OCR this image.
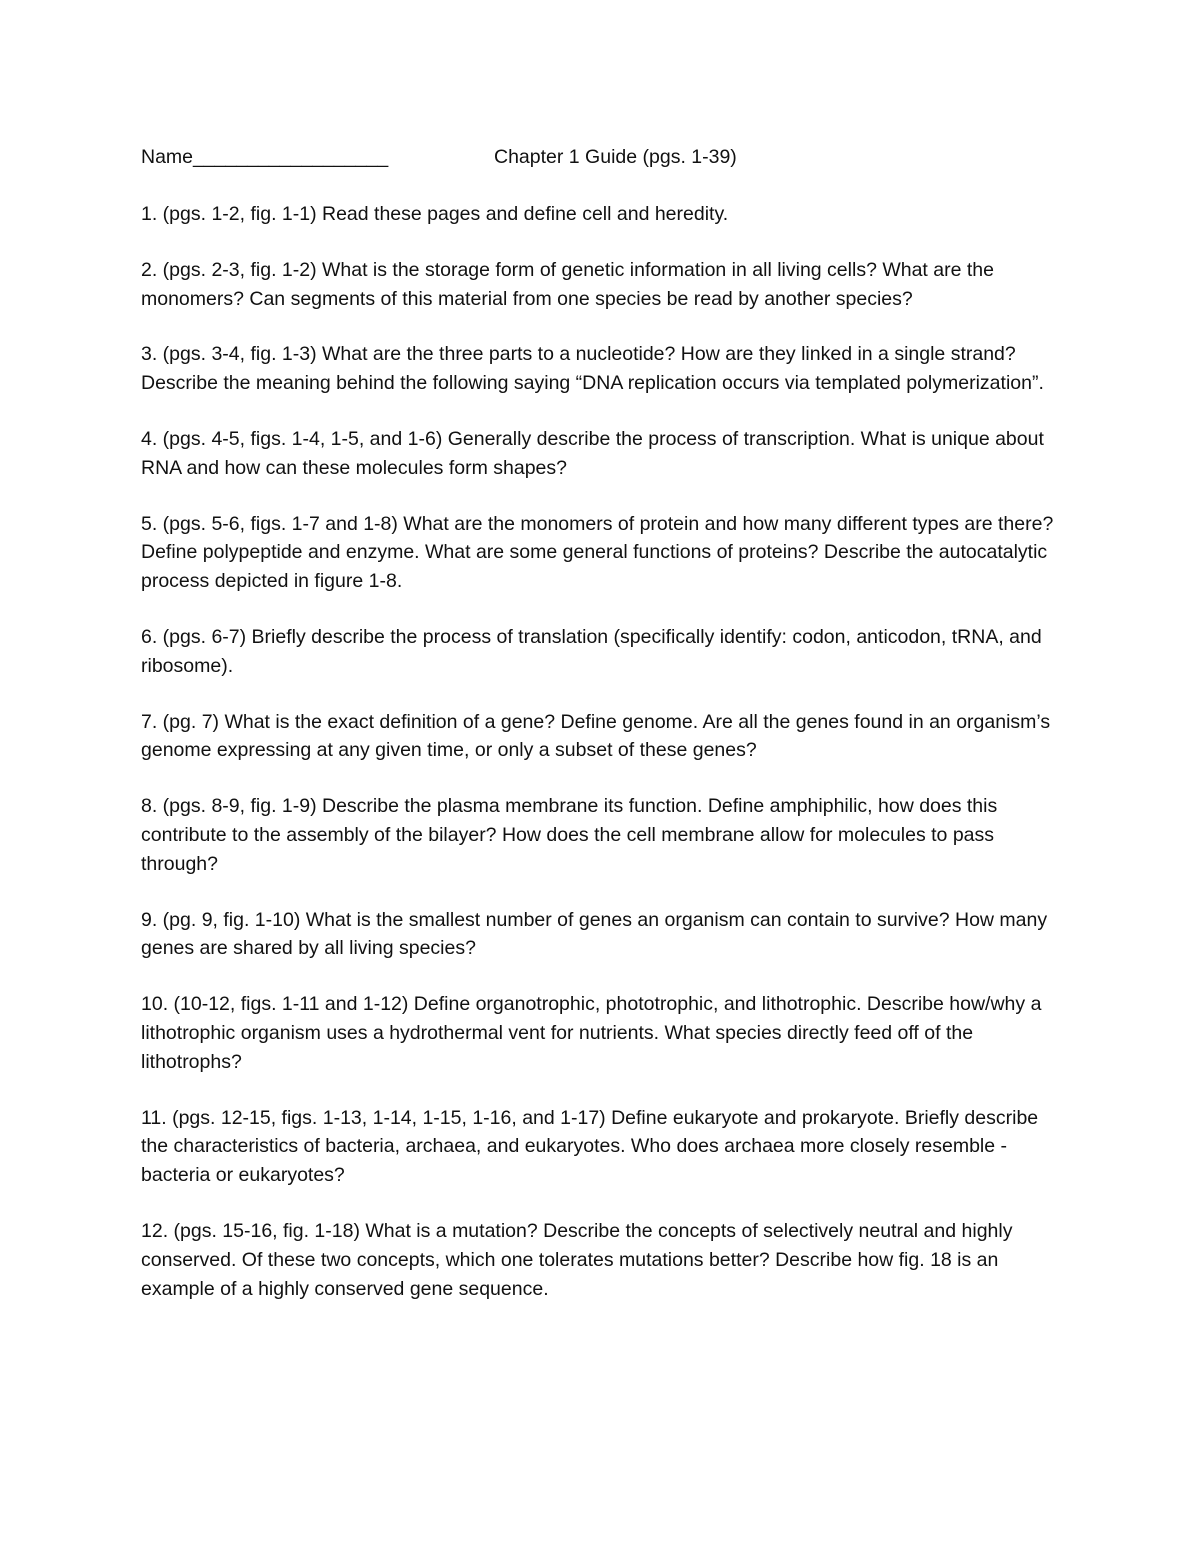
Name__________________	Chapter 1 Guide (pgs. 1-39)

1. (pgs. 1-2, fig. 1-1) Read these pages and define cell and heredity.

2. (pgs. 2-3, fig. 1-2) What is the storage form of genetic information in all living cells? What are the monomers? Can segments of this material from one species be read by another species?

3. (pgs. 3-4, fig. 1-3) What are the three parts to a nucleotide? How are they linked in a single strand? Describe the meaning behind the following saying “DNA replication occurs via templated polymerization”.

4. (pgs. 4-5, figs. 1-4, 1-5, and 1-6) Generally describe the process of transcription. What is unique about RNA and how can these molecules form shapes?

5. (pgs. 5-6, figs. 1-7 and 1-8) What are the monomers of protein and how many different types are there? Define polypeptide and enzyme. What are some general functions of proteins? Describe the autocatalytic process depicted in figure 1-8.

6. (pgs. 6-7) Briefly describe the process of translation (specifically identify: codon, anticodon, tRNA, and ribosome).

7. (pg. 7) What is the exact definition of a gene? Define genome. Are all the genes found in an organism’s genome expressing at any given time, or only a subset of these genes?

8. (pgs. 8-9, fig. 1-9) Describe the plasma membrane its function. Define amphiphilic, how does this contribute to the assembly of the bilayer? How does the cell membrane allow for molecules to pass through?

9. (pg. 9, fig. 1-10) What is the smallest number of genes an organism can contain to survive? How many genes are shared by all living species?

10. (10-12, figs. 1-11 and 1-12) Define organotrophic, phototrophic, and lithotrophic. Describe how/why a lithotrophic organism uses a hydrothermal vent for nutrients. What species directly feed off of the lithotrophs?

11. (pgs. 12-15, figs. 1-13, 1-14, 1-15, 1-16, and 1-17) Define eukaryote and prokaryote. Briefly describe the characteristics of bacteria, archaea, and eukaryotes. Who does archaea more closely resemble - bacteria or eukaryotes?

12. (pgs. 15-16, fig. 1-18) What is a mutation? Describe the concepts of selectively neutral and highly conserved. Of these two concepts, which one tolerates mutations better? Describe how fig. 18 is an example of a highly conserved gene sequence.
